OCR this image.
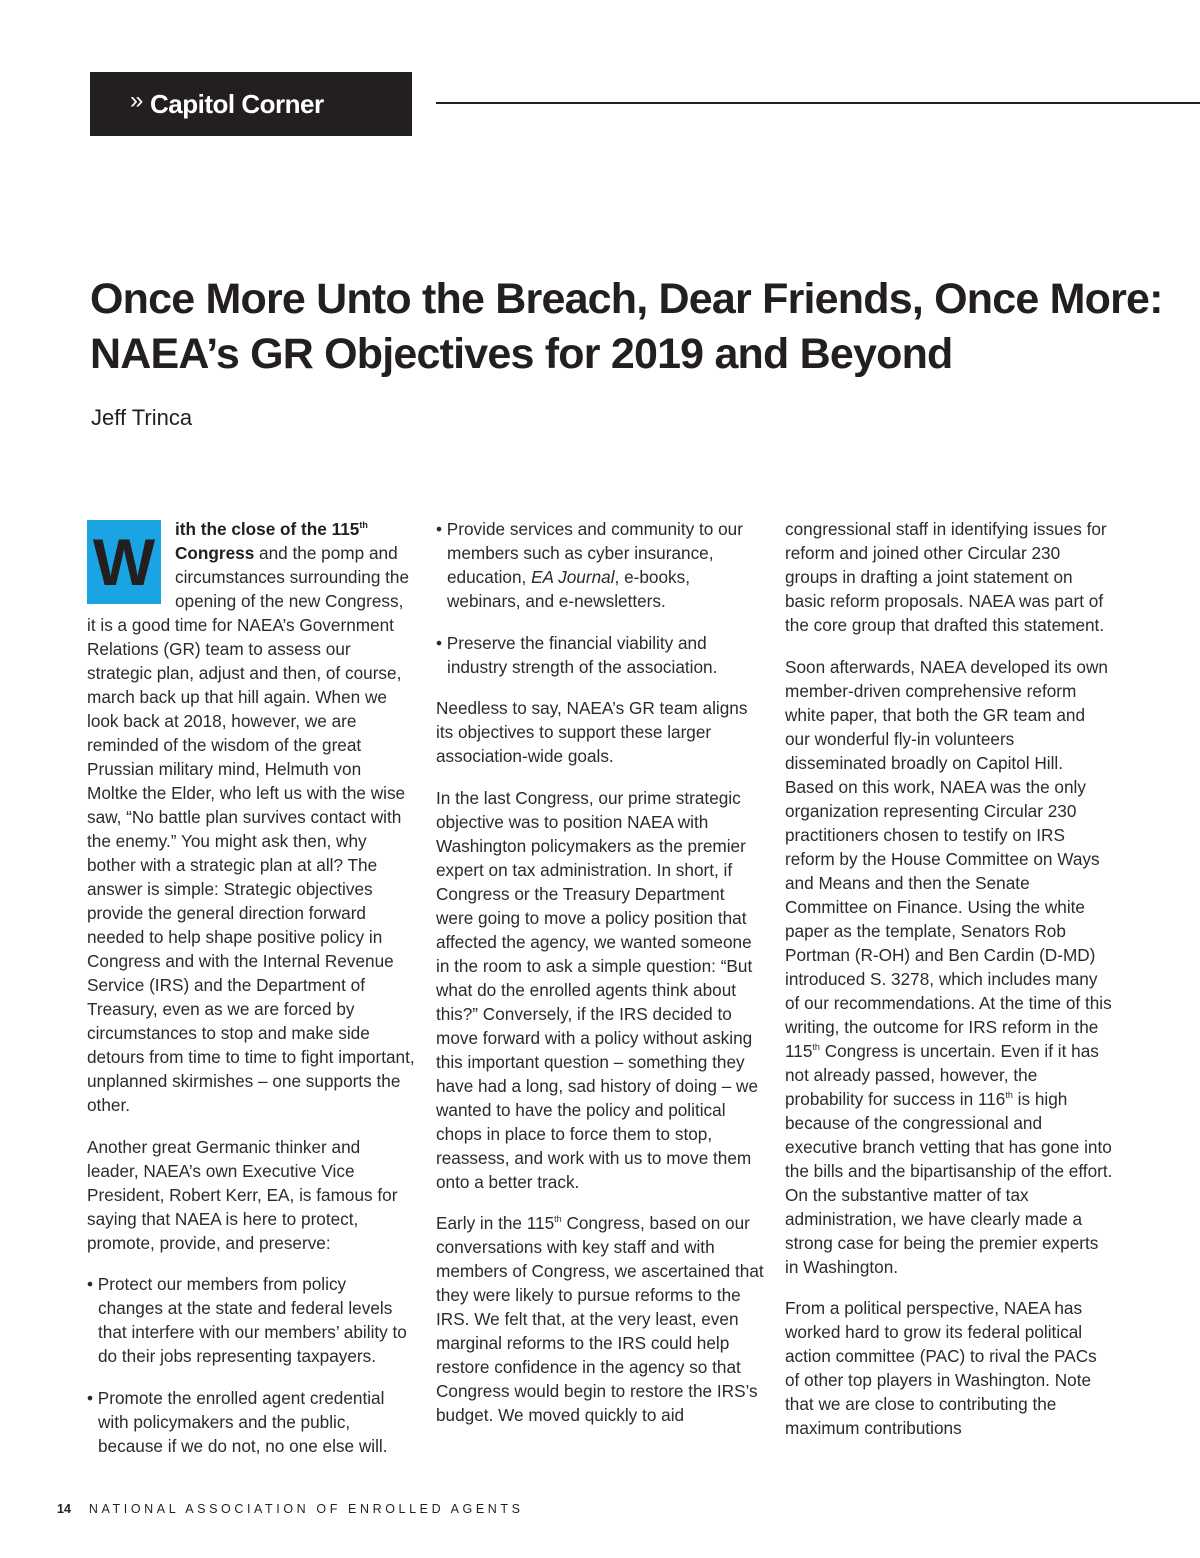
» Capitol Corner
Once More Unto the Breach, Dear Friends, Once More: NAEA’s GR Objectives for 2019 and Beyond
Jeff Trinca

W	ith the close of the 115th
Congress and the pomp and circumstances surrounding the opening of the new Congress, it is a good time for NAEA’s Government Relations (GR) team to assess our strategic plan, adjust and then, of course, march back up that hill again. When we look back at 2018, however, we are reminded of the wisdom of the great Prussian military mind, Helmuth von Moltke the Elder, who left us with the wise saw, “No battle plan survives contact with the enemy.” You might ask then, why bother with a strategic plan at all? The answer is simple: Strategic objectives provide the general direction forward needed to help shape positive policy in Congress and with the Internal Revenue Service (IRS) and the Department of Treasury, even as we are forced by circumstances to stop and make side detours from time to time to fight important, unplanned skirmishes – one supports the other.

Another great Germanic thinker and leader, NAEA’s own Executive Vice President, Robert Kerr, EA, is famous for saying that NAEA is here to protect, promote, provide, and preserve:

• Protect our members from policy changes at the state and federal levels that interfere with our members’ ability to do their jobs representing taxpayers.

• Promote the enrolled agent credential with policymakers and the public, because if we do not, no one else will.

• Provide services and community to our members such as cyber insurance, education, EA Journal, e-books, webinars, and e-newsletters.

• Preserve the financial viability and industry strength of the association.

Needless to say, NAEA’s GR team aligns its objectives to support these larger association-wide goals.

In the last Congress, our prime strategic objective was to position NAEA with Washington policymakers as the premier expert on tax administration. In short, if Congress or the Treasury Department were going to move a policy position that affected the agency, we wanted someone in the room to ask a simple question: “But what do the enrolled agents think about this?” Conversely, if the IRS decided to move forward with a policy without asking this important question – something they have had a long, sad history of doing – we wanted to have the policy and political chops in place to force them to stop, reassess, and work with us to move them onto a better track.

Early in the 115th Congress, based on our conversations with key staff and with members of Congress, we ascertained that they were likely to pursue reforms to the IRS. We felt that, at the very least, even marginal reforms to the IRS could help restore confidence in the agency so that Congress would begin to restore the IRS’s budget. We moved quickly to aid

congressional staff in identifying issues for reform and joined other Circular 230 groups in drafting a joint statement on basic reform proposals. NAEA was part of the core group that drafted this statement.

Soon afterwards, NAEA developed its own member-driven comprehensive reform white paper, that both the GR team and our wonderful fly-in volunteers disseminated broadly on Capitol Hill. Based on this work, NAEA was the only organization representing Circular 230 practitioners chosen to testify on IRS reform by the House Committee on Ways and Means and then the Senate Committee on Finance. Using the white paper as the template, Senators Rob Portman (R-OH) and Ben Cardin (D-MD) introduced S. 3278, which includes many of our recommendations. At the time of this writing, the outcome for IRS reform in the 115th Congress is uncertain. Even if it has not already passed, however, the probability for success in 116th is high because of the congressional and executive branch vetting that has gone into the bills and the bipartisanship of the effort. On the substantive matter of tax administration, we have clearly made a strong case for being the premier experts in Washington.

From a political perspective, NAEA has worked hard to grow its federal political action committee (PAC) to rival the PACs of other top players in Washington. Note that we are close to contributing the maximum contributions

14 NATIONAL ASSOCIATION OF ENROLLED AGENTS
